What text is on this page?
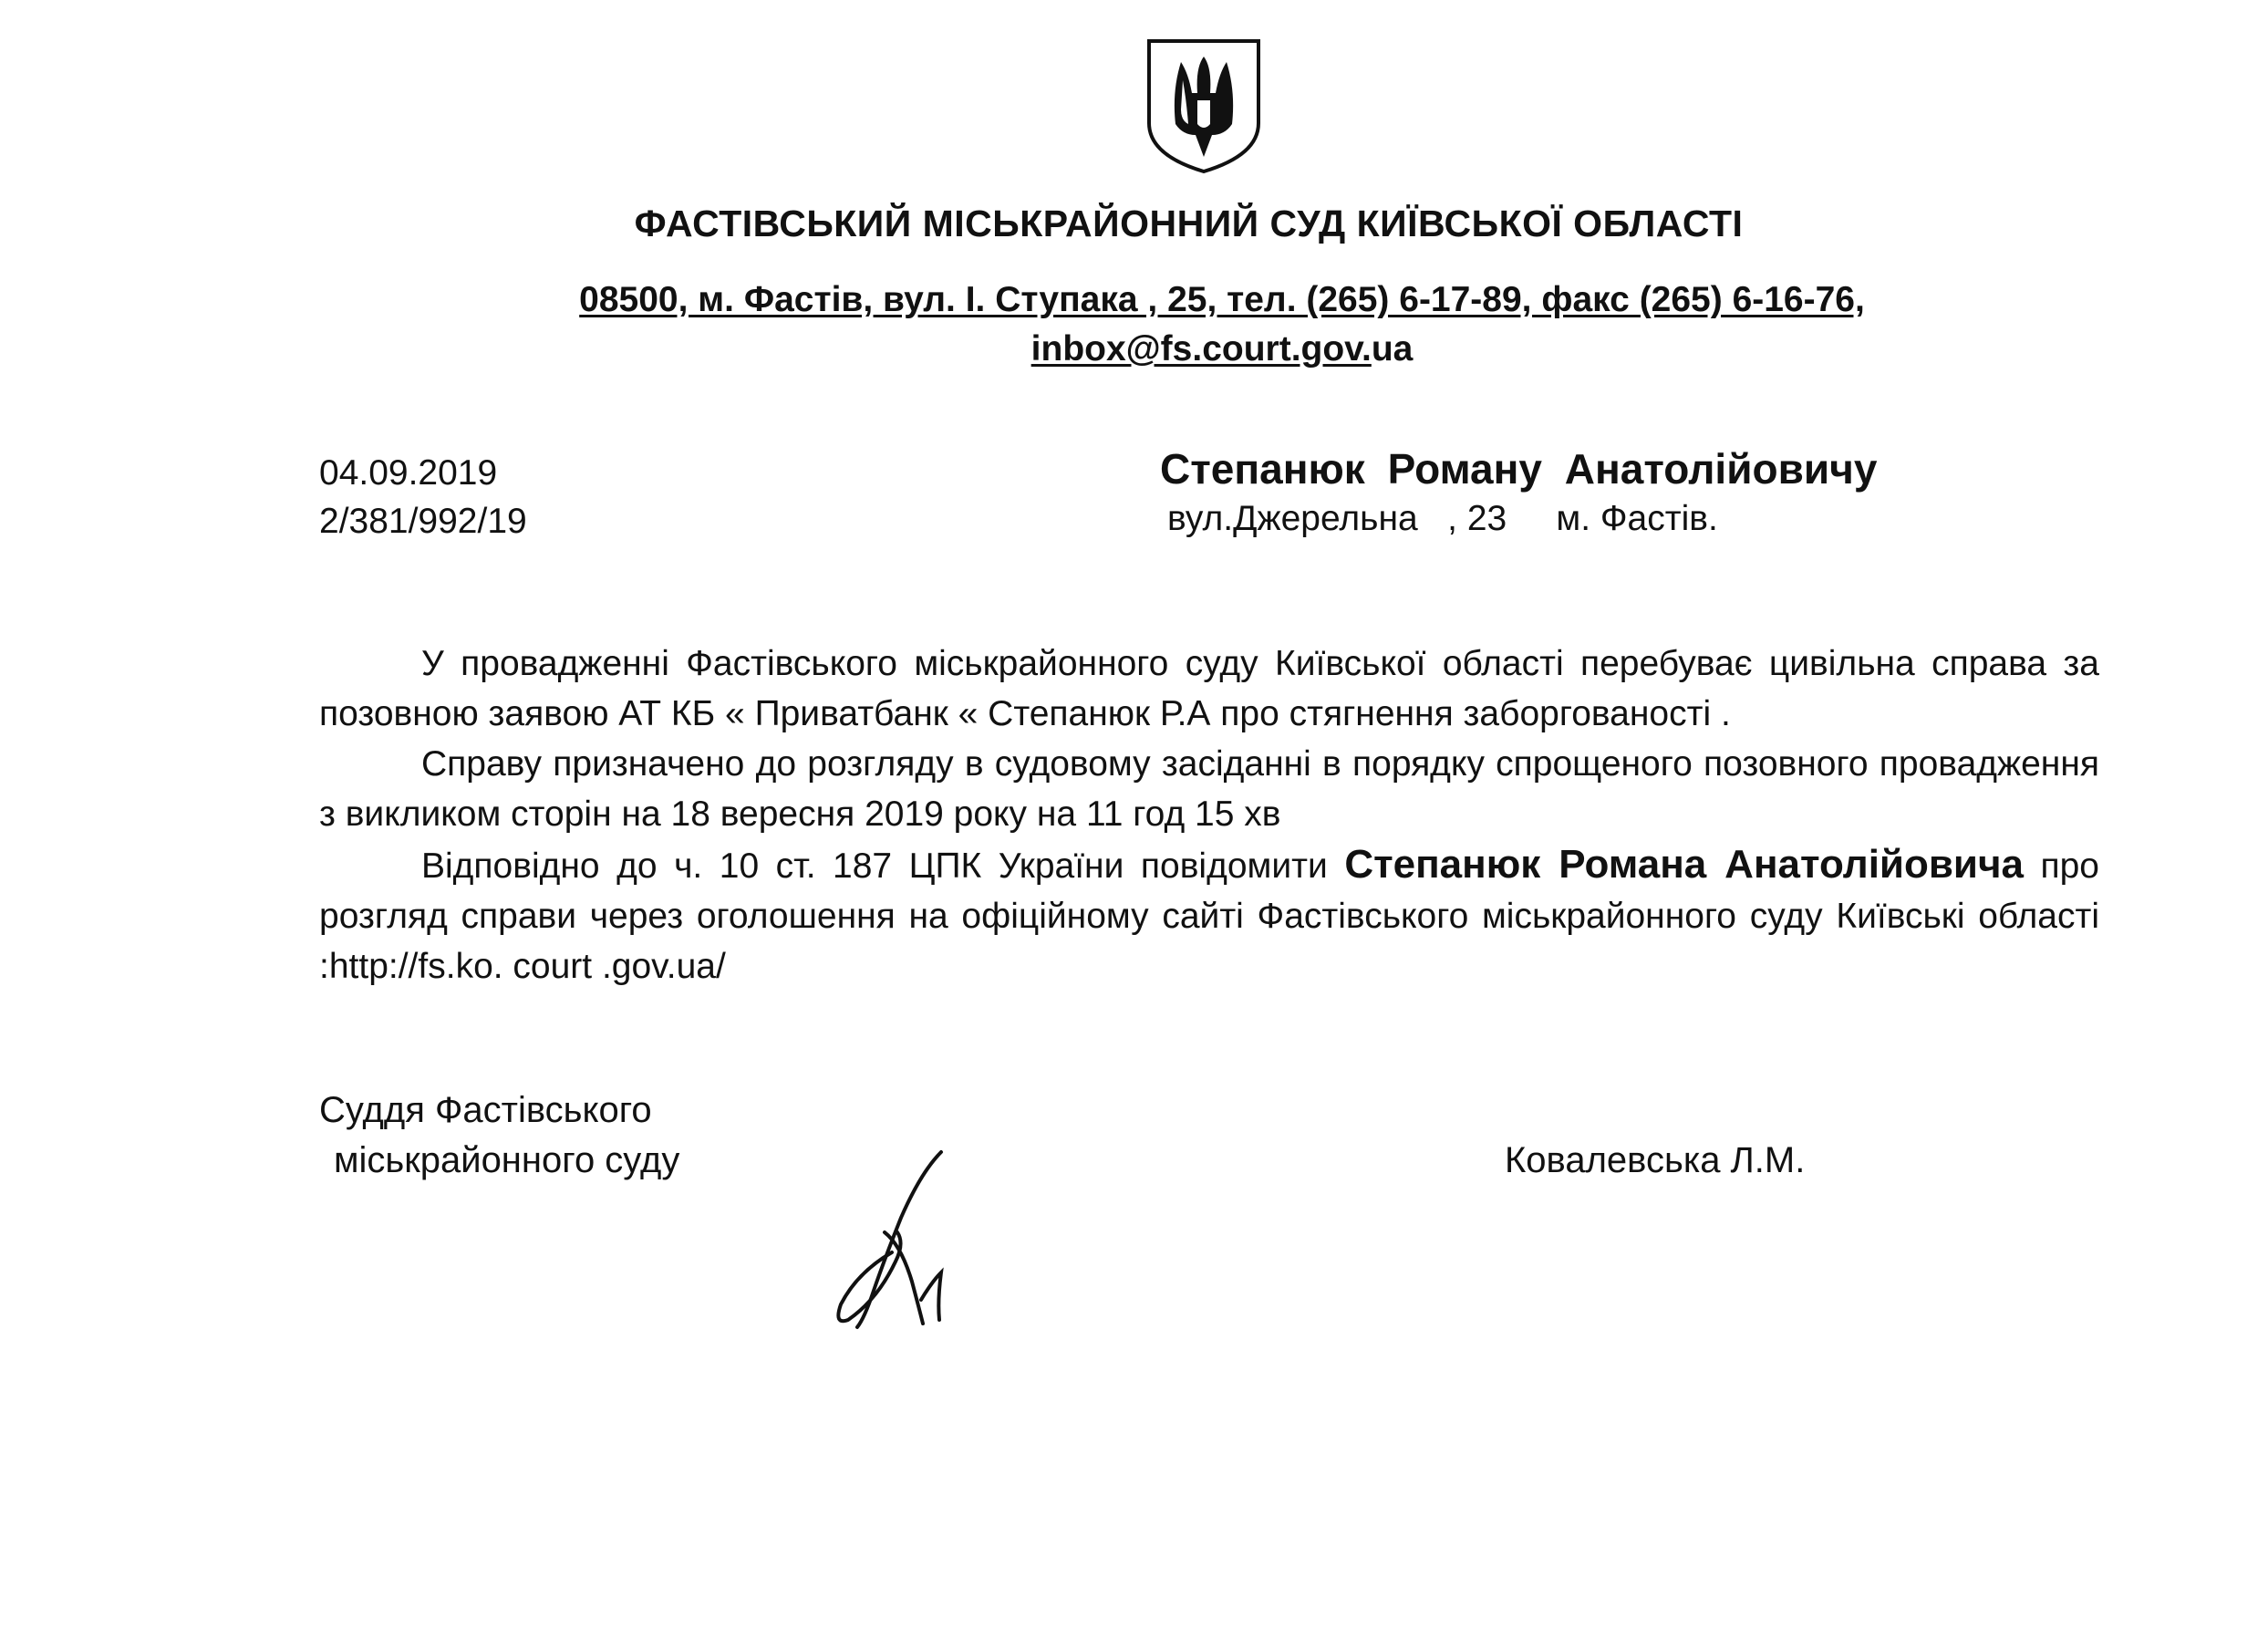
ФАСТІВСЬКИЙ МІСЬКРАЙОННИЙ СУД КИЇВСЬКОЇ ОБЛАСТІ
08500, м. Фастів, вул. І. Ступака , 25, тел. (265) 6-17-89, факс (265) 6-16-76,
inbox@fs.court.gov.ua
04.09.2019
2/381/992/19
Степанюк Роману Анатолійовичу
вул.Джерельна   , 23     м. Фастів.

У провадженні Фастівського міськрайонного суду Київської області перебуває цивільна справа за позовною заявою АТ КБ « Приватбанк « Степанюк Р.А про стягнення заборгованості .

Справу призначено до розгляду в судовому засіданні в порядку спрощеного позовного провадження з викликом сторін на 18 вересня 2019 року на 11 год 15 хв

Відповідно до ч. 10 ст. 187 ЦПК України повідомити Степанюк Романа Анатолійовича про розгляд справи через оголошення на офіційному сайті Фастівського міськрайонного суду Київські області :http://fs.ko. court .gov.ua/

Суддя Фастівського
міськрайонного суду	Ковалевська Л.М.
